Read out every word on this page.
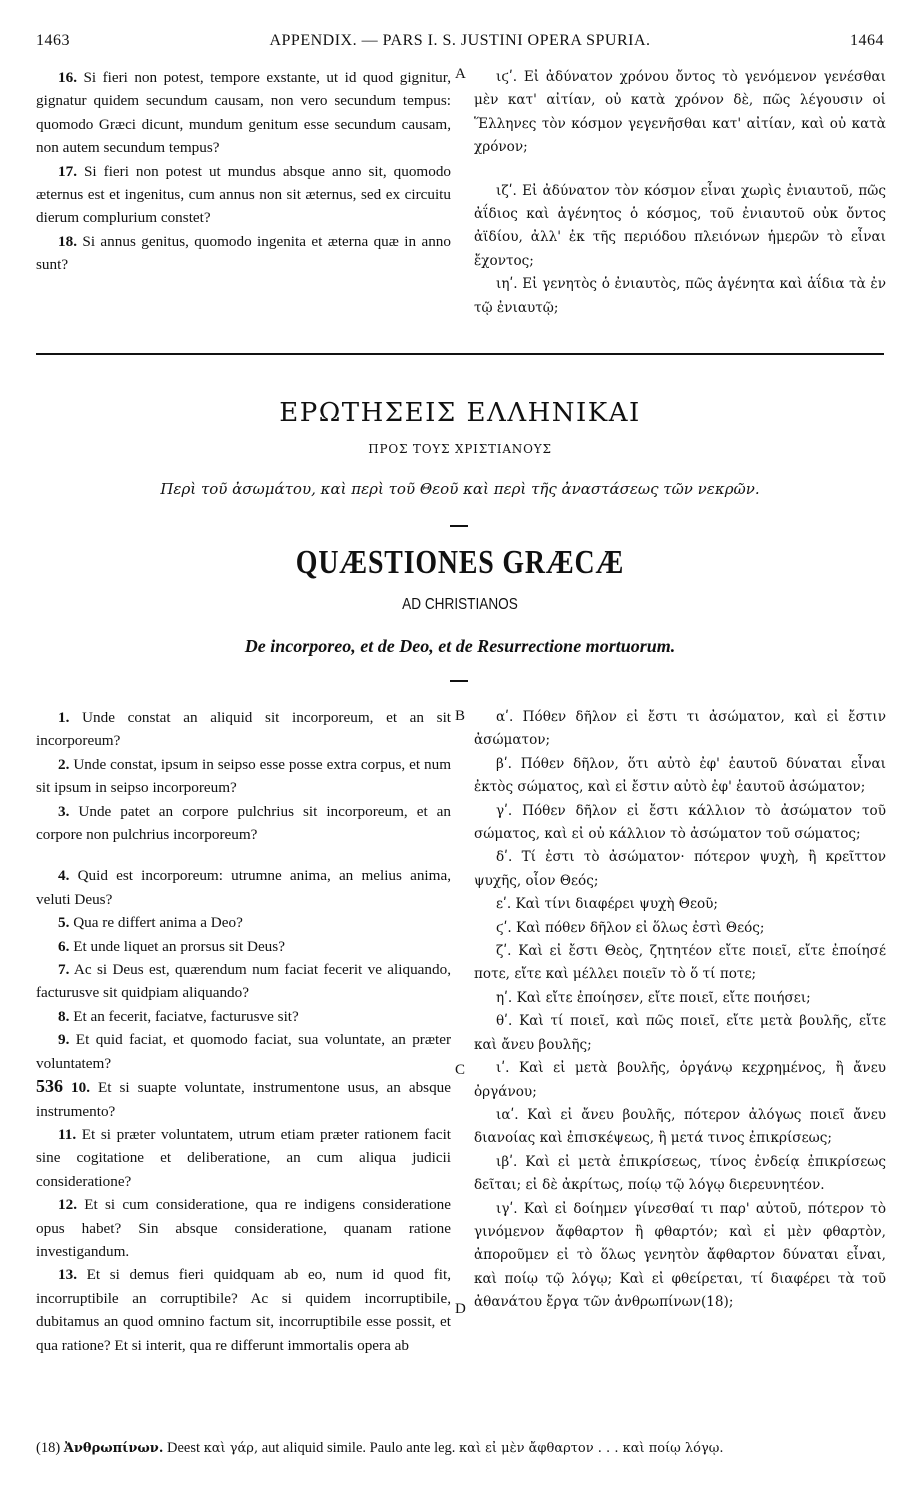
1463	APPENDIX. — PARS I. S. JUSTINI OPERA SPURIA.	1464

16. Si fieri non potest, tempore exstante, ut id quod gignitur, gignatur quidem secundum causam, non vero secundum tempus: quomodo Græci dicunt, mundum genitum esse secundum causam, non autem secundum tempus?

17. Si fieri non potest ut mundus absque anno sit, quomodo æternus est et ingenitus, cum annus non sit æternus, sed ex circuitu dierum complurium constet?

18. Si annus genitus, quomodo ingenita et æterna quæ in anno sunt?

A	ιϛʹ. Εἰ ἀδύνατον χρόνου ὄντος τὸ γενόμενον γενέσθαι μὲν κατ' αἰτίαν, οὐ κατὰ χρόνον δὲ, πῶς λέγουσιν οἱ Ἕλληνες τὸν κόσμον γεγενῆσθαι κατ' αἰτίαν, καὶ οὐ κατὰ χρόνον;

ιζʹ. Εἰ ἀδύνατον τὸν κόσμον εἶναι χωρὶς ἐνιαυτοῦ, πῶς ἀΐδιος καὶ ἀγένητος ὁ κόσμος, τοῦ ἐνιαυτοῦ οὐκ ὄντος ἀϊδίου, ἀλλ' ἐκ τῆς περιόδου πλειόνων ἡμερῶν τὸ εἶναι ἔχοντος;

ιηʹ. Εἰ γενητὸς ὁ ἐνιαυτὸς, πῶς ἀγένητα καὶ ἀΐδια τὰ ἐν τῷ ἐνιαυτῷ;

ΕΡΩΤΗΣΕΙΣ ΕΛΛΗΝΙΚΑΙ
ΠΡΟΣ ΤΟΥΣ ΧΡΙΣΤΙΑΝΟΥΣ
Περὶ τοῦ ἀσωμάτου, καὶ περὶ τοῦ Θεοῦ καὶ περὶ τῆς ἀναστάσεως τῶν νεκρῶν.
QUÆSTIONES GRÆCÆ
AD CHRISTIANOS
De incorporeo, et de Deo, et de Resurrectione mortuorum.

1. Unde constat an aliquid sit incorporeum, et an sit incorporeum?

2. Unde constat, ipsum in seipso esse posse extra corpus, et num sit ipsum in seipso incorporeum?

3. Unde patet an corpore pulchrius sit incorporeum, et an corpore non pulchrius incorporeum?

4. Quid est incorporeum: utrumne anima, an melius anima, veluti Deus?

5. Qua re differt anima a Deo?

6. Et unde liquet an prorsus sit Deus?

7. Ac si Deus est, quærendum num faciat fecerit ve aliquando, facturusve sit quidpiam aliquando?

8. Et an fecerit, faciatve, facturusve sit?

9. Et quid faciat, et quomodo faciat, sua voluntate, an præter voluntatem?

536 10. Et si suapte voluntate, instrumentone usus, an absque instrumento?

11. Et si præter voluntatem, utrum etiam præter rationem facit sine cogitatione et deliberatione, an cum aliqua judicii consideratione?

12. Et si cum consideratione, qua re indigens consideratione opus habet? Sin absque consideratione, quanam ratione investigandum.

13. Et si demus fieri quidquam ab eo, num id quod fit, incorruptibile an corruptibile? Ac si quidem incorruptibile, dubitamus an quod omnino factum sit, incorruptibile esse possit, et qua ratione? Et si interit, qua re differunt immortalis opera ab

B
C
D

αʹ. Πόθεν δῆλον εἰ ἔστι τι ἀσώματον, καὶ εἰ ἔστιν ἀσώματον;

βʹ. Πόθεν δῆλον, ὅτι αὐτὸ ἐφ' ἑαυτοῦ δύναται εἶναι ἐκτὸς σώματος, καὶ εἰ ἔστιν αὐτὸ ἐφ' ἑαυτοῦ ἀσώματον;

γʹ. Πόθεν δῆλον εἰ ἔστι κάλλιον τὸ ἀσώματον τοῦ σώματος, καὶ εἰ οὐ κάλλιον τὸ ἀσώματον τοῦ σώματος;

δʹ. Τί ἐστι τὸ ἀσώματον· πότερον ψυχὴ, ἢ κρεῖττον ψυχῆς, οἷον Θεός;

εʹ. Καὶ τίνι διαφέρει ψυχὴ Θεοῦ;

ϛʹ. Καὶ πόθεν δῆλον εἰ ὅλως ἐστὶ Θεός;

ζʹ. Καὶ εἰ ἔστι Θεὸς, ζητητέον εἴτε ποιεῖ, εἴτε ἐποίησέ ποτε, εἴτε καὶ μέλλει ποιεῖν τὸ ὅ τί ποτε;

ηʹ. Καὶ εἴτε ἐποίησεν, εἴτε ποιεῖ, εἴτε ποιήσει;

θʹ. Καὶ τί ποιεῖ, καὶ πῶς ποιεῖ, εἴτε μετὰ βουλῆς, εἴτε καὶ ἄνευ βουλῆς;

ιʹ. Καὶ εἰ μετὰ βουλῆς, ὀργάνῳ κεχρημένος, ἢ ἄνευ ὀργάνου;

ιαʹ. Καὶ εἰ ἄνευ βουλῆς, πότερον ἀλόγως ποιεῖ ἄνευ διανοίας καὶ ἐπισκέψεως, ἢ μετά τινος ἐπικρίσεως;

ιβʹ. Καὶ εἰ μετὰ ἐπικρίσεως, τίνος ἐνδείᾳ ἐπικρίσεως δεῖται; εἰ δὲ ἀκρίτως, ποίῳ τῷ λόγῳ διερευνητέον.

ιγʹ. Καὶ εἰ δοίημεν γίνεσθαί τι παρ' αὐτοῦ, πότερον τὸ γινόμενον ἄφθαρτον ἢ φθαρτόν; καὶ εἰ μὲν φθαρτὸν, ἀποροῦμεν εἰ τὸ ὅλως γενητὸν ἄφθαρτον δύναται εἶναι, καὶ ποίῳ τῷ λόγῳ; Καὶ εἰ φθείρεται, τί διαφέρει τὰ τοῦ ἀθανάτου ἔργα τῶν ἀνθρωπίνων(18);

(18) Ἀνθρωπίνων. Deest καὶ γάρ, aut aliquid simile. Paulo ante leg. καὶ εἰ μὲν ἄφθαρτον . . . καὶ ποίῳ λόγῳ.
